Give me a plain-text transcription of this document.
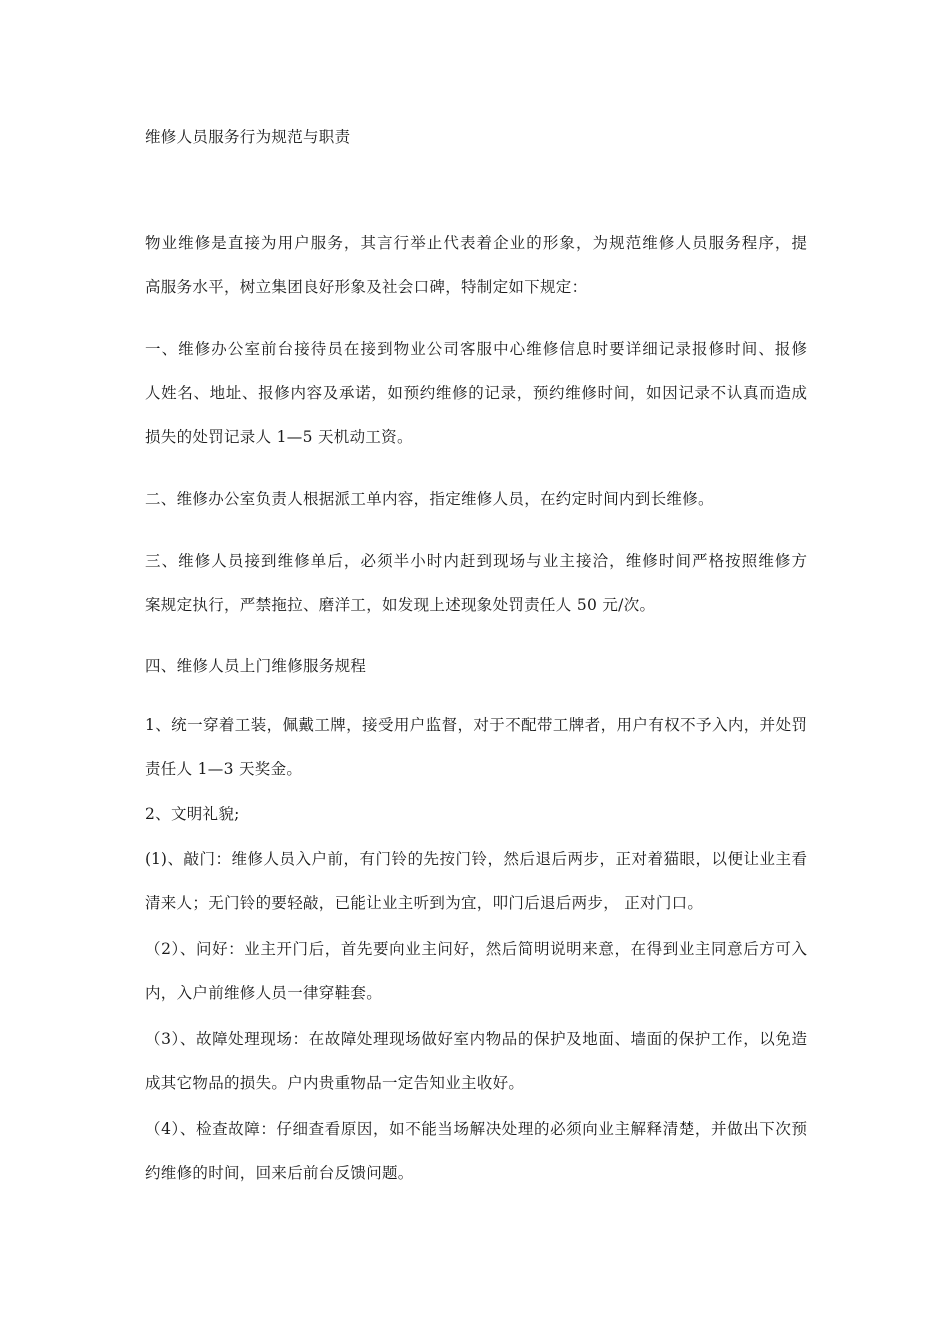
维修人员服务行为规范与职责
物业维修是直接为用户服务，其言行举止代表着企业的形象，为规范维修人员服务程序，提
高服务水平，树立集团良好形象及社会口碑，特制定如下规定：
一、维修办公室前台接待员在接到物业公司客服中心维修信息时要详细记录报修时间、报修
人姓名、地址、报修内容及承诺，如预约维修的记录，预约维修时间，如因记录不认真而造成
损失的处罚记录人 1—5 天机动工资。
二、维修办公室负责人根据派工单内容，指定维修人员，在约定时间内到长维修。
三、维修人员接到维修单后，必须半小时内赶到现场与业主接洽，维修时间严格按照维修方
案规定执行，严禁拖拉、磨洋工，如发现上述现象处罚责任人 50 元/次。
四、维修人员上门维修服务规程
1、统一穿着工装，佩戴工牌，接受用户监督，对于不配带工牌者，用户有权不予入内，并处罚
责任人 1—3 天奖金。
2、文明礼貌;
(1)、敲门：维修人员入户前，有门铃的先按门铃，然后退后两步，正对着猫眼，以便让业主看
清来人；无门铃的要轻敲，已能让业主听到为宜，叩门后退后两步， 正对门口。
（2）、问好：业主开门后，首先要向业主问好，然后简明说明来意，在得到业主同意后方可入
内，入户前维修人员一律穿鞋套。
（3）、故障处理现场：在故障处理现场做好室内物品的保护及地面、墙面的保护工作，以免造
成其它物品的损失。户内贵重物品一定告知业主收好。
（4）、检查故障：仔细查看原因，如不能当场解决处理的必须向业主解释清楚，并做出下次预
约维修的时间，回来后前台反馈问题。
